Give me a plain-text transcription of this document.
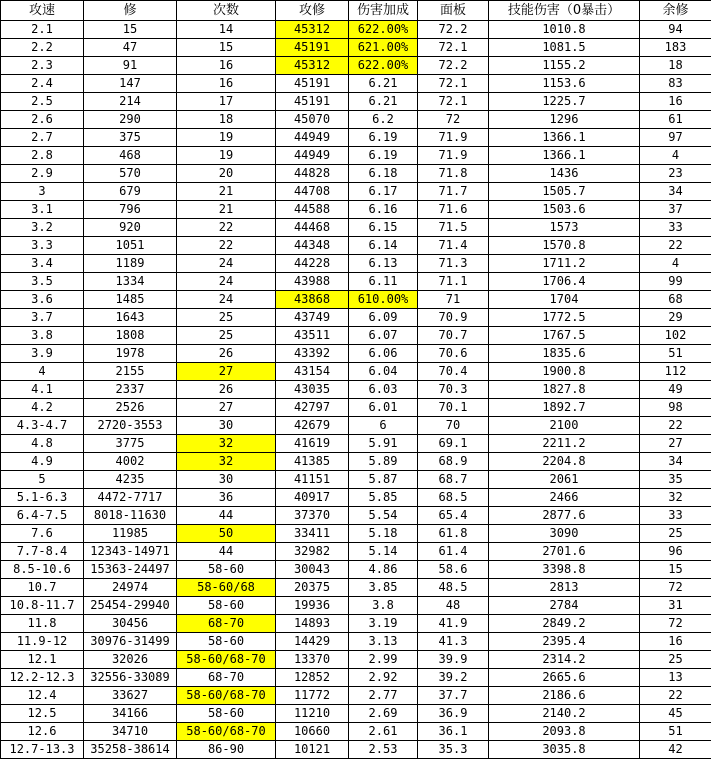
攻速	修	次数	攻修	伤害加成	面板	技能伤害（0暴击）	余修
2.1	15	14	45312	622.00%	72.2	1010.8	94
2.2	47	15	45191	621.00%	72.1	1081.5	183
2.3	91	16	45312	622.00%	72.2	1155.2	18
2.4	147	16	45191	6.21	72.1	1153.6	83
2.5	214	17	45191	6.21	72.1	1225.7	16
2.6	290	18	45070	6.2	72	1296	61
2.7	375	19	44949	6.19	71.9	1366.1	97
2.8	468	19	44949	6.19	71.9	1366.1	4
2.9	570	20	44828	6.18	71.8	1436	23
3	679	21	44708	6.17	71.7	1505.7	34
3.1	796	21	44588	6.16	71.6	1503.6	37
3.2	920	22	44468	6.15	71.5	1573	33
3.3	1051	22	44348	6.14	71.4	1570.8	22
3.4	1189	24	44228	6.13	71.3	1711.2	4
3.5	1334	24	43988	6.11	71.1	1706.4	99
3.6	1485	24	43868	610.00%	71	1704	68
3.7	1643	25	43749	6.09	70.9	1772.5	29
3.8	1808	25	43511	6.07	70.7	1767.5	102
3.9	1978	26	43392	6.06	70.6	1835.6	51
4	2155	27	43154	6.04	70.4	1900.8	112
4.1	2337	26	43035	6.03	70.3	1827.8	49
4.2	2526	27	42797	6.01	70.1	1892.7	98
4.3-4.7	2720-3553	30	42679	6	70	2100	22
4.8	3775	32	41619	5.91	69.1	2211.2	27
4.9	4002	32	41385	5.89	68.9	2204.8	34
5	4235	30	41151	5.87	68.7	2061	35
5.1-6.3	4472-7717	36	40917	5.85	68.5	2466	32
6.4-7.5	8018-11630	44	37370	5.54	65.4	2877.6	33
7.6	11985	50	33411	5.18	61.8	3090	25
7.7-8.4	12343-14971	44	32982	5.14	61.4	2701.6	96
8.5-10.6	15363-24497	58-60	30043	4.86	58.6	3398.8	15
10.7	24974	58-60/68	20375	3.85	48.5	2813	72
10.8-11.7	25454-29940	58-60	19936	3.8	48	2784	31
11.8	30456	68-70	14893	3.19	41.9	2849.2	72
11.9-12	30976-31499	58-60	14429	3.13	41.3	2395.4	16
12.1	32026	58-60/68-70	13370	2.99	39.9	2314.2	25
12.2-12.3	32556-33089	68-70	12852	2.92	39.2	2665.6	13
12.4	33627	58-60/68-70	11772	2.77	37.7	2186.6	22
12.5	34166	58-60	11210	2.69	36.9	2140.2	45
12.6	34710	58-60/68-70	10660	2.61	36.1	2093.8	51
12.7-13.3	35258-38614	86-90	10121	2.53	35.3	3035.8	42
